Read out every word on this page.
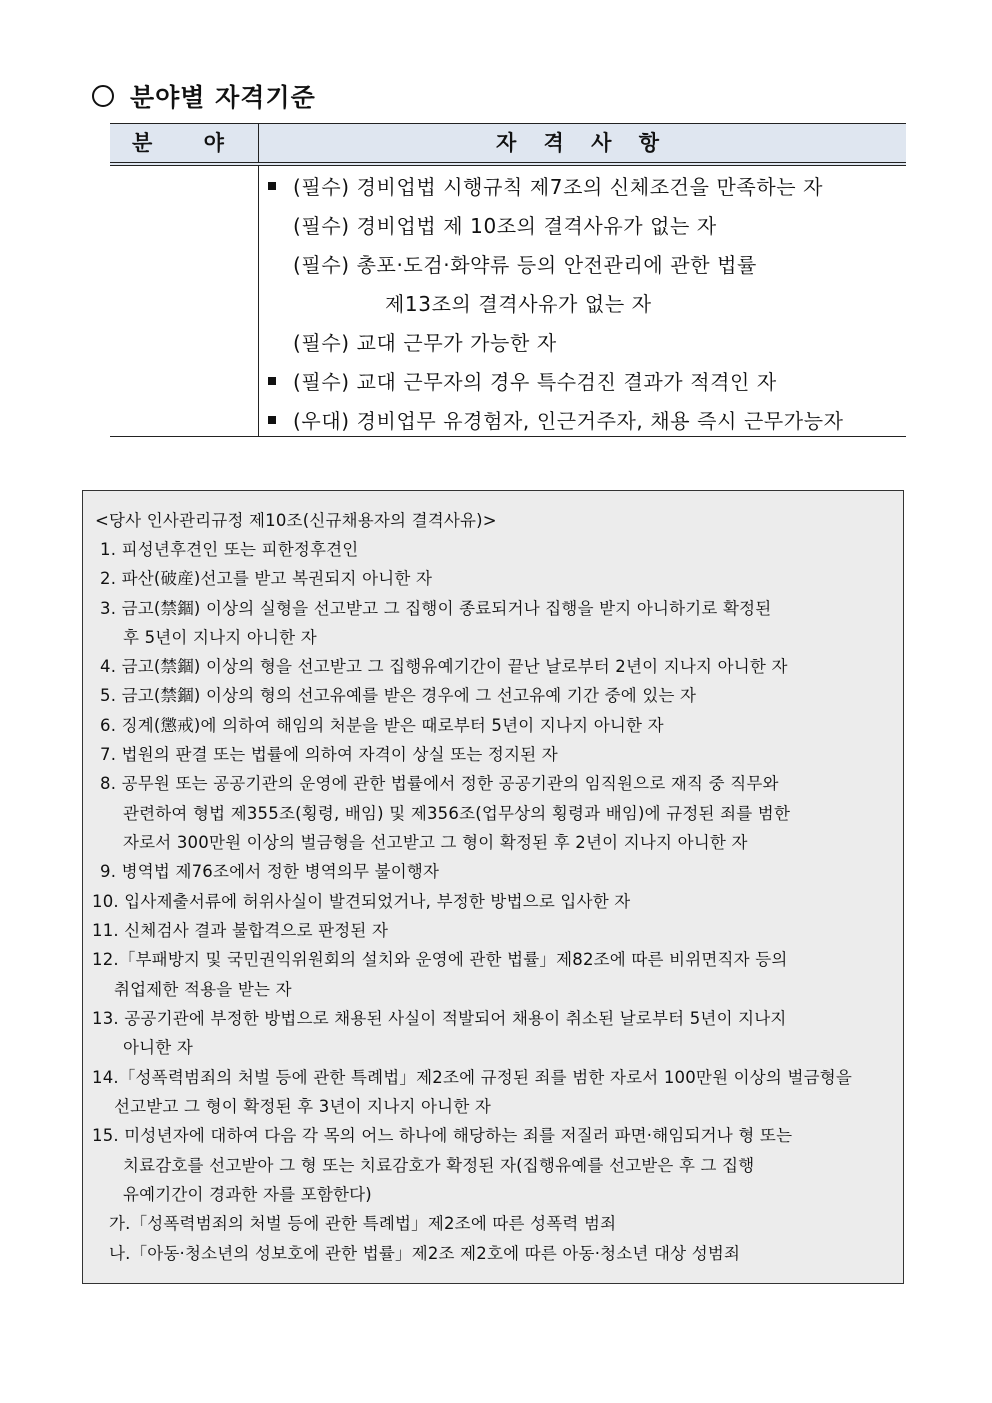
분야별 자격기준
분 야	자 격 사 항
(필수) 경비업법 시행규칙 제7조의 신체조건을 만족하는 자
(필수) 경비업법 제 10조의 결격사유가 없는 자
(필수) 총포·도검·화약류 등의 안전관리에 관한 법률
제13조의 결격사유가 없는 자
(필수) 교대 근무가 가능한 자
(필수) 교대 근무자의 경우 특수검진 결과가 적격인 자
(우대) 경비업무 유경험자, 인근거주자, 채용 즉시 근무가능자
<당사 인사관리규정 제10조(신규채용자의 결격사유)>
1. 피성년후견인 또는 피한정후견인
2. 파산(破産)선고를 받고 복권되지 아니한 자
3. 금고(禁錮) 이상의 실형을 선고받고 그 집행이 종료되거나 집행을 받지 아니하기로 확정된
후 5년이 지나지 아니한 자
4. 금고(禁錮) 이상의 형을 선고받고 그 집행유예기간이 끝난 날로부터 2년이 지나지 아니한 자
5. 금고(禁錮) 이상의 형의 선고유예를 받은 경우에 그 선고유예 기간 중에 있는 자
6. 징계(懲戒)에 의하여 해임의 처분을 받은 때로부터 5년이 지나지 아니한 자
7. 법원의 판결 또는 법률에 의하여 자격이 상실 또는 정지된 자
8. 공무원 또는 공공기관의 운영에 관한 법률에서 정한 공공기관의 임직원으로 재직 중 직무와
관련하여 형법 제355조(횡령, 배임) 및 제356조(업무상의 횡령과 배임)에 규정된 죄를 범한
자로서 300만원 이상의 벌금형을 선고받고 그 형이 확정된 후 2년이 지나지 아니한 자
9. 병역법 제76조에서 정한 병역의무 불이행자
10. 입사제출서류에 허위사실이 발견되었거나, 부정한 방법으로 입사한 자
11. 신체검사 결과 불합격으로 판정된 자
12.「부패방지 및 국민권익위원회의 설치와 운영에 관한 법률」제82조에 따른 비위면직자 등의
취업제한 적용을 받는 자
13. 공공기관에 부정한 방법으로 채용된 사실이 적발되어 채용이 취소된 날로부터 5년이 지나지
아니한 자
14.「성폭력범죄의 처벌 등에 관한 특례법」제2조에 규정된 죄를 범한 자로서 100만원 이상의 벌금형을
선고받고 그 형이 확정된 후 3년이 지나지 아니한 자
15. 미성년자에 대하여 다음 각 목의 어느 하나에 해당하는 죄를 저질러 파면·해임되거나 형 또는
치료감호를 선고받아 그 형 또는 치료감호가 확정된 자(집행유예를 선고받은 후 그 집행
유예기간이 경과한 자를 포함한다)
가.「성폭력범죄의 처벌 등에 관한 특례법」제2조에 따른 성폭력 범죄
나.「아동·청소년의 성보호에 관한 법률」제2조 제2호에 따른 아동·청소년 대상 성범죄
